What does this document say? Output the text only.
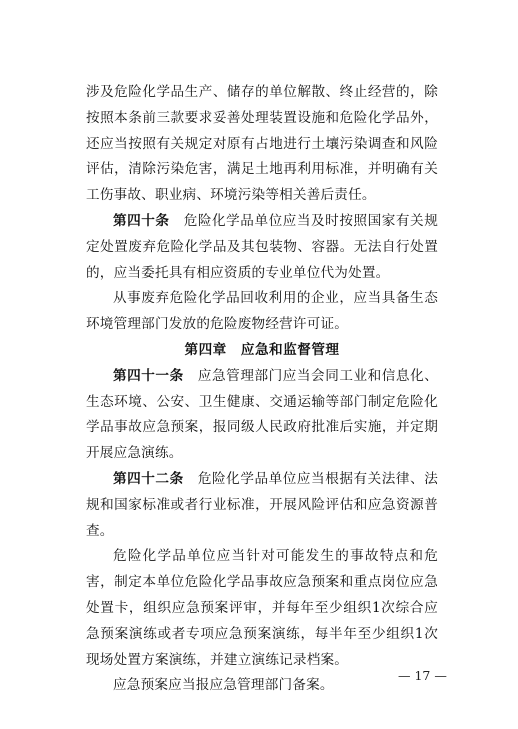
涉及危险化学品生产、储存的单位解散、终止经营的，除按照本条前三款要求妥善处理装置设施和危险化学品外，还应当按照有关规定对原有占地进行土壤污染调查和风险评估，清除污染危害，满足土地再利用标准，并明确有关工伤事故、职业病、环境污染等相关善后责任。

第四十条　 危险化学品单位应当及时按照国家有关规定处置废弃危险化学品及其包装物、容器。无法自行处置的，应当委托具有相应资质的专业单位代为处置。

从事废弃危险化学品回收利用的企业，应当具备生态环境管理部门发放的危险废物经营许可证。

第四章　应急和监督管理

第四十一条　 应急管理部门应当会同工业和信息化、生态环境、公安、卫生健康、交通运输等部门制定危险化学品事故应急预案，报同级人民政府批准后实施，并定期开展应急演练。

第四十二条　 危险化学品单位应当根据有关法律、法规和国家标准或者行业标准，开展风险评估和应急资源普查。

危险化学品单位应当针对可能发生的事故特点和危害，制定本单位危险化学品事故应急预案和重点岗位应急处置卡，组织应急预案评审，并每年至少组织1次综合应急预案演练或者专项应急预案演练，每半年至少组织1次现场处置方案演练，并建立演练记录档案。

应急预案应当报应急管理部门备案。

— 17 —
